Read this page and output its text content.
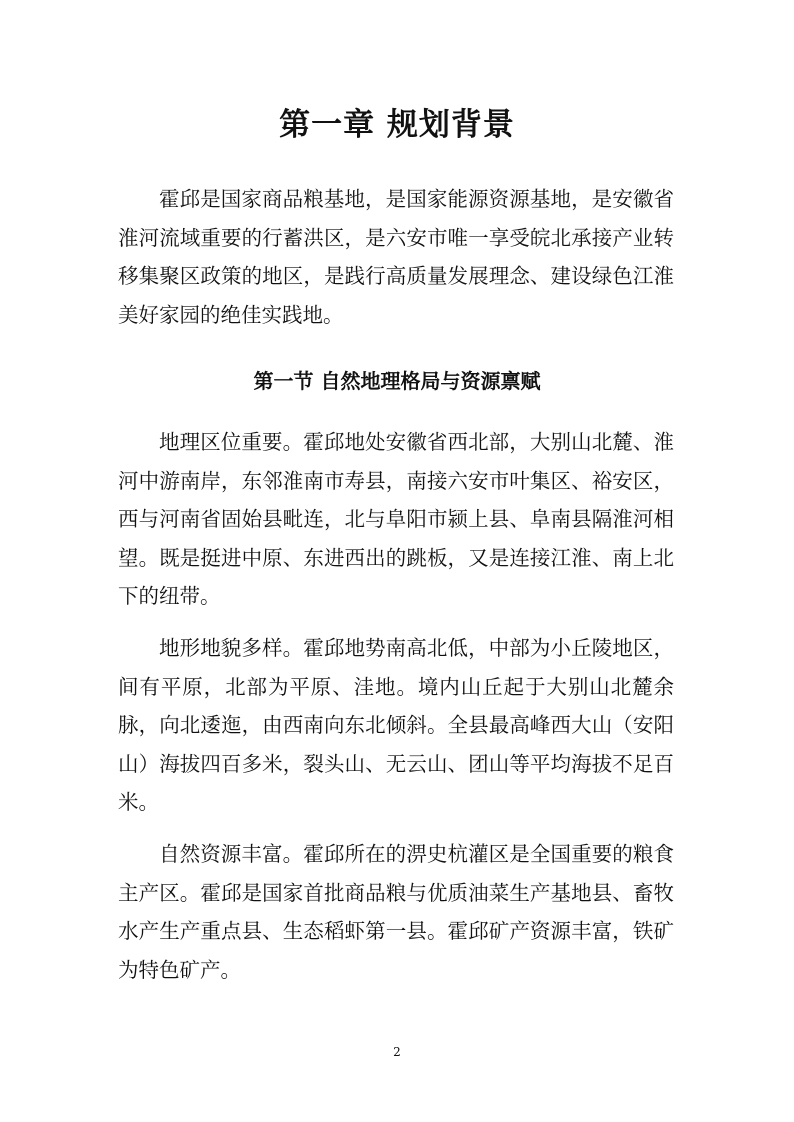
第一章 规划背景

霍邱是国家商品粮基地，是国家能源资源基地，是安徽省淮河流域重要的行蓄洪区，是六安市唯一享受皖北承接产业转移集聚区政策的地区，是践行高质量发展理念、建设绿色江淮美好家园的绝佳实践地。

第一节 自然地理格局与资源禀赋

地理区位重要。霍邱地处安徽省西北部，大别山北麓、淮河中游南岸，东邻淮南市寿县，南接六安市叶集区、裕安区，西与河南省固始县毗连，北与阜阳市颍上县、阜南县隔淮河相望。既是挺进中原、东进西出的跳板，又是连接江淮、南上北下的纽带。

地形地貌多样。霍邱地势南高北低，中部为小丘陵地区，间有平原，北部为平原、洼地。境内山丘起于大别山北麓余脉，向北逶迤，由西南向东北倾斜。全县最高峰西大山（安阳山）海拔四百多米，裂头山、无云山、团山等平均海拔不足百米。

自然资源丰富。霍邱所在的淠史杭灌区是全国重要的粮食主产区。霍邱是国家首批商品粮与优质油菜生产基地县、畜牧水产生产重点县、生态稻虾第一县。霍邱矿产资源丰富，铁矿为特色矿产。

2
